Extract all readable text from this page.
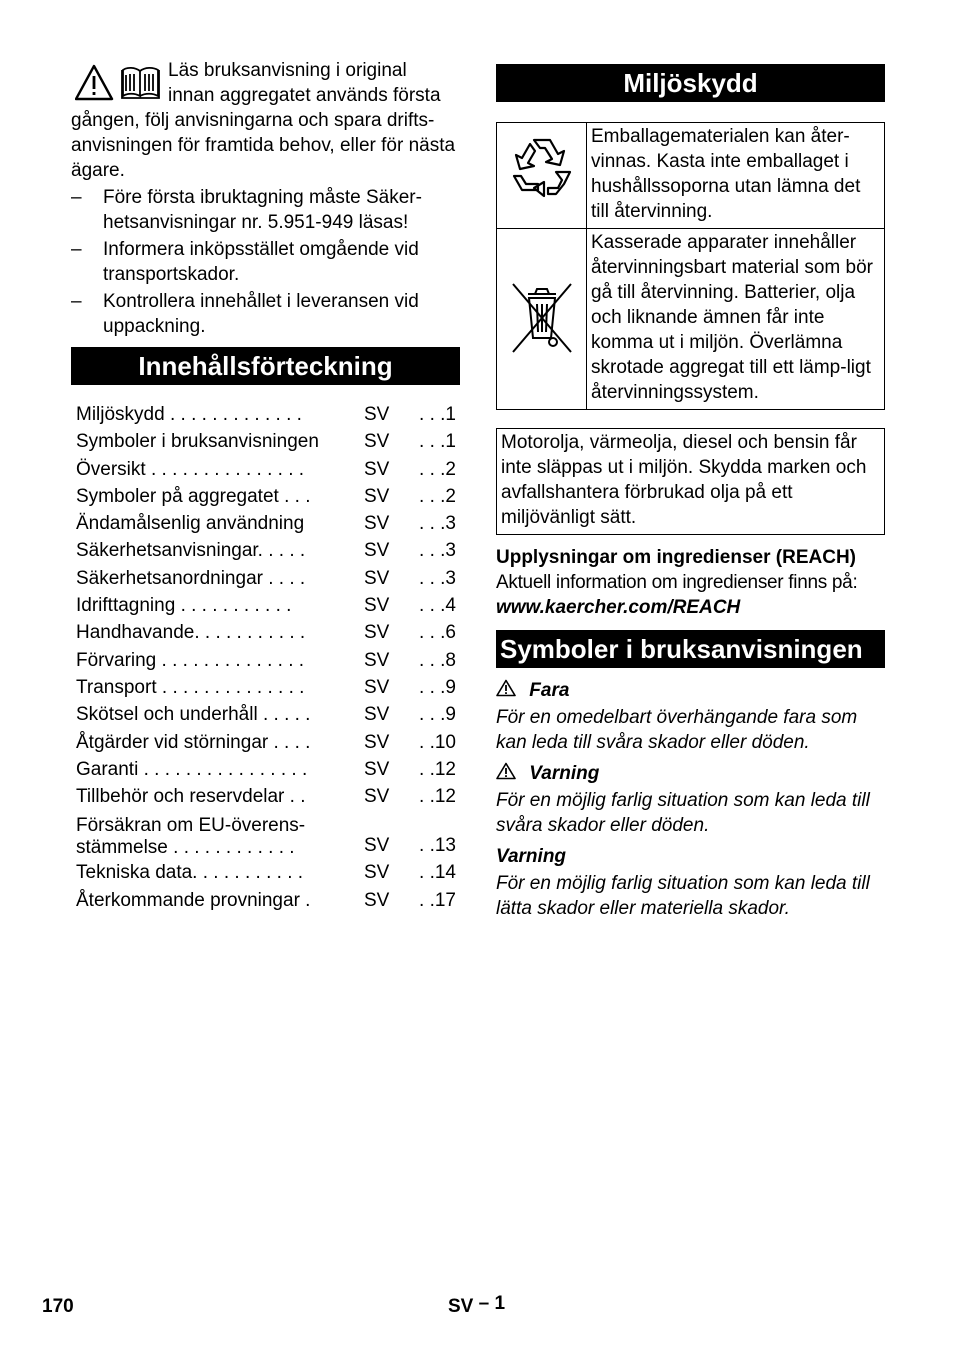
Läs bruksanvisning i original
innan aggregatet används första
gången, följ anvisningarna och spara drifts-anvisningen för framtida behov, eller för nästa ägare.
– Före första ibruktagning måste Säker-hetsanvisningar nr. 5.951-949 läsas!
– Informera inköpsstället omgående vid transportskador.
– Kontrollera innehållet i leveransen vid uppackning.
Innehållsförteckning
Miljöskydd . . . . . . . . . . . . .	SV	. . .1
Symboler i bruksanvisningen	SV	. . .1
Översikt . . . . . . . . . . . . . . .	SV	. . .2
Symboler på aggregatet . . .	SV	. . .2
Ändamålsenlig användning	SV	. . .3
Säkerhetsanvisningar. . . . .	SV	. . .3
Säkerhetsanordningar . . . .	SV	. . .3
Idrifttagning . . . . . . . . . . .	SV	. . .4
Handhavande. . . . . . . . . . .	SV	. . .6
Förvaring . . . . . . . . . . . . . .	SV	. . .8
Transport . . . . . . . . . . . . . .	SV	. . .9
Skötsel och underhåll . . . . .	SV	. . .9
Åtgärder vid störningar . . . .	SV	. .10
Garanti . . . . . . . . . . . . . . . .	SV	. .12
Tillbehör och reservdelar . .	SV	. .12
Försäkran om EU-överens-stämmelse . . . . . . . . . . . .	SV	. .13
Tekniska data. . . . . . . . . . .	SV	. .14
Återkommande provningar .	SV	. .17
Miljöskydd
	Emballagematerialen kan åter-vinnas. Kasta inte emballaget i hushållssoporna utan lämna det till återvinning.
	Kasserade apparater innehåller återvinningsbart material som bör gå till återvinning. Batterier, olja och liknande ämnen får inte komma ut i miljön. Överlämna skrotade aggregat till ett lämp-ligt återvinningssystem.
Motorolja, värmeolja, diesel och bensin får inte släppas ut i miljön. Skydda marken och avfallshantera förbrukad olja på ett miljövänligt sätt.
Upplysningar om ingredienser (REACH)
Aktuell information om ingredienser finns på:
www.kaercher.com/REACH
Symboler i bruksanvisningen
Fara
För en omedelbart överhängande fara som kan leda till svåra skador eller döden.
Varning
För en möjlig farlig situation som kan leda till svåra skador eller döden.
Varning
För en möjlig farlig situation som kan leda till lätta skador eller materiella skador.
170	SV – 1
